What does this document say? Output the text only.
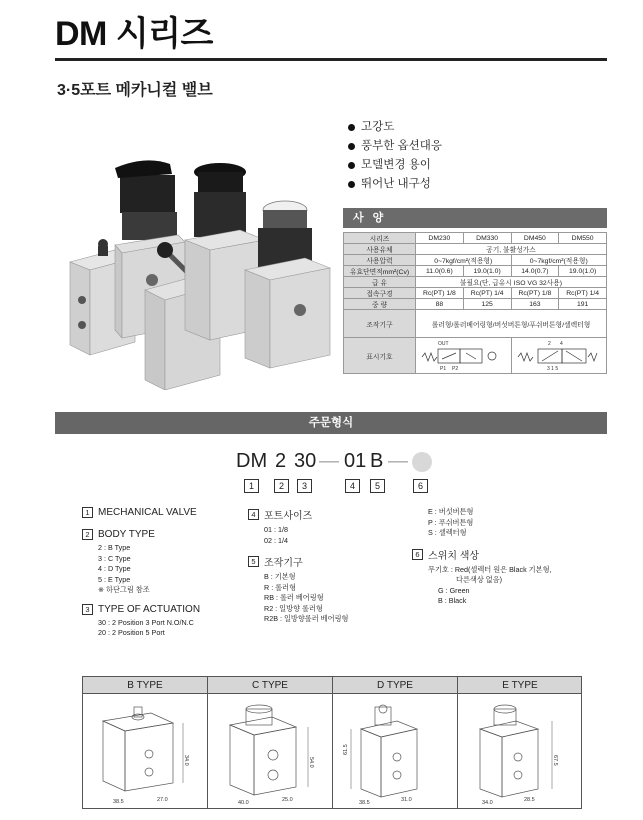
DM 시리즈
3·5포트 메카니컬 밸브
고강도
풍부한 옵션대응
모델변경 용이
뛰어난 내구성
사 양
시리즈	DM230	DM330	DM450	DM550
사용유체	공기, 불활성가스			
사용압력	0~7kgf/cm²(적용형)		0~7kgf/cm²(적용형)	
유효단면적mm²(Cv)	11.0(0.6)	19.0(1.0)	14.0(0.7)	19.0(1.0)
급 유	불필요(단, 급유시 ISO VG 32사용)			
접속구경	Rc(PT) 1/8	Rc(PT) 1/4	Rc(PT) 1/8	Rc(PT) 1/4
중 량	88	125	163	191
조작기구	롤러형/롤러베어링형/버섯버튼형/푸쉬버튼형/셀렉터형			
표시기호	OUT
P1 P2		2 4
3 1 5	
주문형식
DM 2 30 — 01 B —
1	2	3	4	5	6
1 MECHANICAL VALVE
2 BODY TYPE
2 : B Type
3 : C Type
4 : D Type
5 : E Type
※ 하단그림 참조
3 TYPE OF ACTUATION
30 : 2 Position 3 Port N.O/N.C
20 : 2 Position 5 Port
4 포트사이즈
01 : 1/8
02 : 1/4
5 조작기구
B : 기본형
R : 롤러형
RB : 롤러 베어링형
R2 : 일방향 롤러형
R2B : 일방향롤러 베어링형
E : 버섯버튼형
P : 푸쉬버튼형
S : 셀렉터형
6 스위치 색상
무기호 : Red(셀렉터 원은 Black 기본형,
다른색상 없음)
G : Green
B : Black
B TYPE
34.0
38.5	27.0
C TYPE
54.0
40.0	25.0
D TYPE
61.5
38.5	31.0
E TYPE
67.5
34.0	28.5
